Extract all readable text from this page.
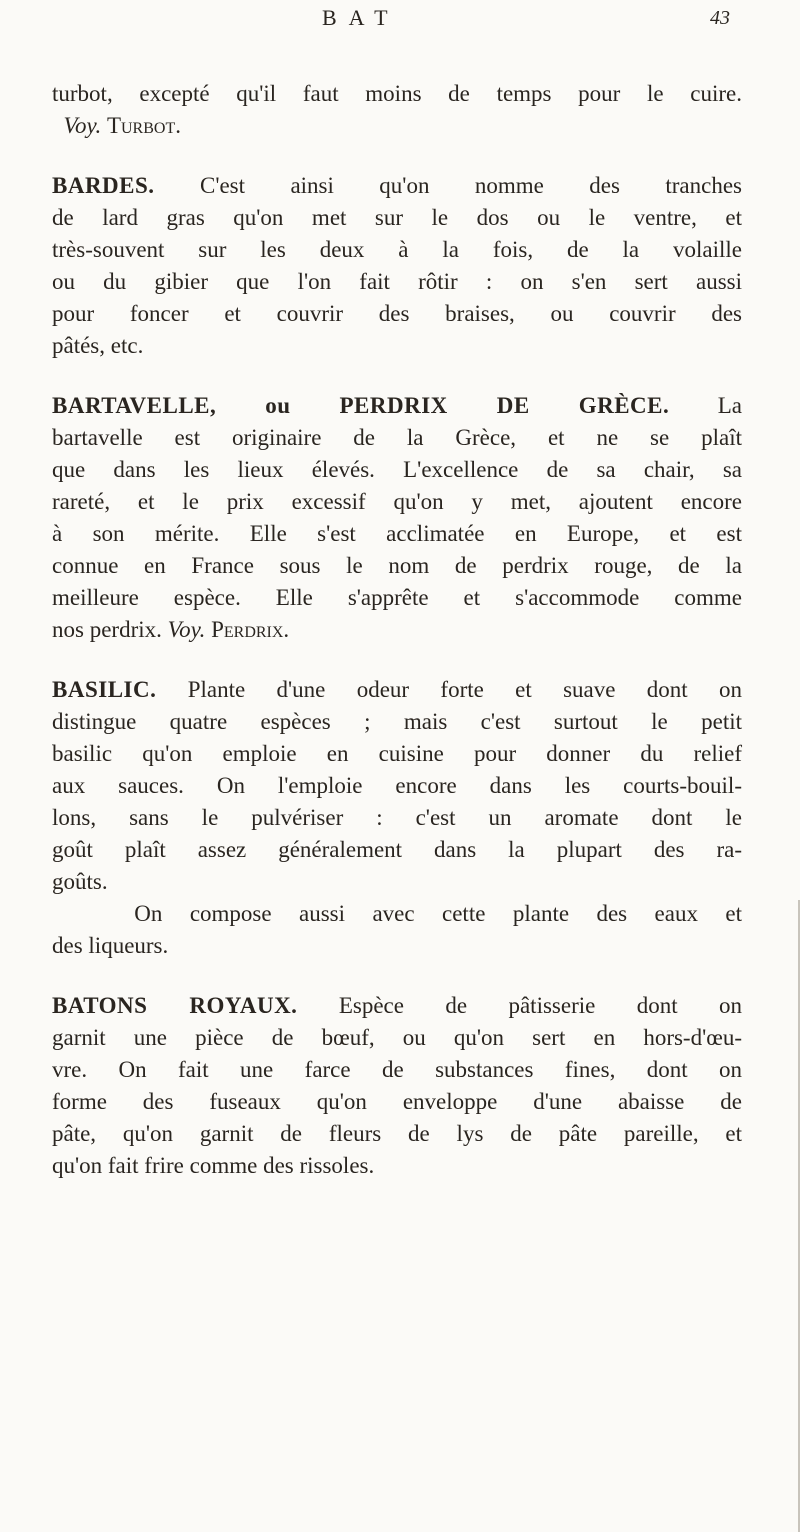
BAT	43
turbot, excepté qu'il faut moins de temps pour le cuire.
Voy. Turbot.
BARDES. C'est ainsi qu'on nomme des tranches
de lard gras qu'on met sur le dos ou le ventre, et
très-souvent sur les deux à la fois, de la volaille
ou du gibier que l'on fait rôtir : on s'en sert aussi
pour foncer et couvrir des braises, ou couvrir des
pâtés, etc.
BARTAVELLE, ou PERDRIX DE GRÈCE. La
bartavelle est originaire de la Grèce, et ne se plaît
que dans les lieux élevés. L'excellence de sa chair, sa
rareté, et le prix excessif qu'on y met, ajoutent encore
à son mérite. Elle s'est acclimatée en Europe, et est
connue en France sous le nom de perdrix rouge, de la
meilleure espèce. Elle s'apprête et s'accommode comme
nos perdrix. Voy. Perdrix.
BASILIC. Plante d'une odeur forte et suave dont on
distingue quatre espèces ; mais c'est surtout le petit
basilic qu'on emploie en cuisine pour donner du relief
aux sauces. On l'emploie encore dans les courts-bouil-
lons, sans le pulvériser : c'est un aromate dont le
goût plaît assez généralement dans la plupart des ra-
goûts.
On compose aussi avec cette plante des eaux et
des liqueurs.
BATONS ROYAUX. Espèce de pâtisserie dont on
garnit une pièce de bœuf, ou qu'on sert en hors-d'œu-
vre. On fait une farce de substances fines, dont on
forme des fuseaux qu'on enveloppe d'une abaisse de
pâte, qu'on garnit de fleurs de lys de pâte pareille, et
qu'on fait frire comme des rissoles.
